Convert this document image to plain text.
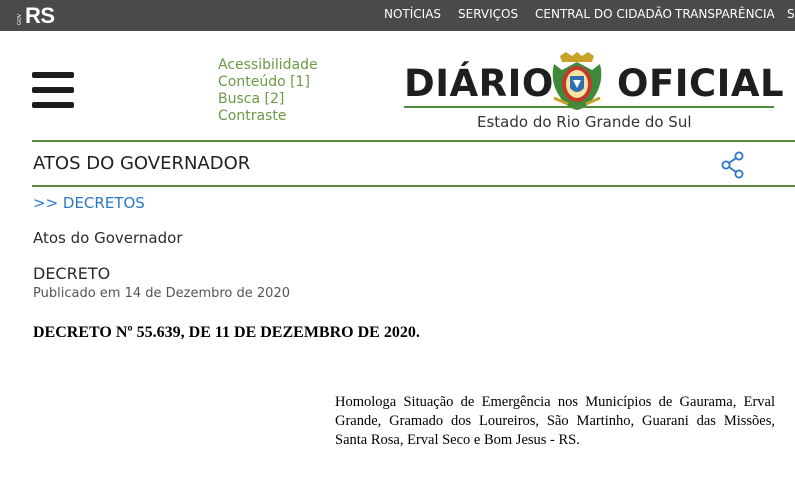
GOV RS	NOTÍCIAS SERVIÇOS CENTRAL DO CIDADÃO TRANSPARÊNCIA S
Acessibilidade
Conteúdo [1]
Busca [2]
Contraste
DIÁRIO OFICIAL
Estado do Rio Grande do Sul
ATOS DO GOVERNADOR
>> DECRETOS
Atos do Governador
DECRETO
Publicado em 14 de Dezembro de 2020
DECRETO Nº 55.639, DE 11 DE DEZEMBRO DE 2020.
Homologa Situação de Emergência nos Municípios de Gaurama, Erval Grande, Gramado dos Loureiros, São Martinho, Guarani das Missões, Santa Rosa, Erval Seco e Bom Jesus - RS.
